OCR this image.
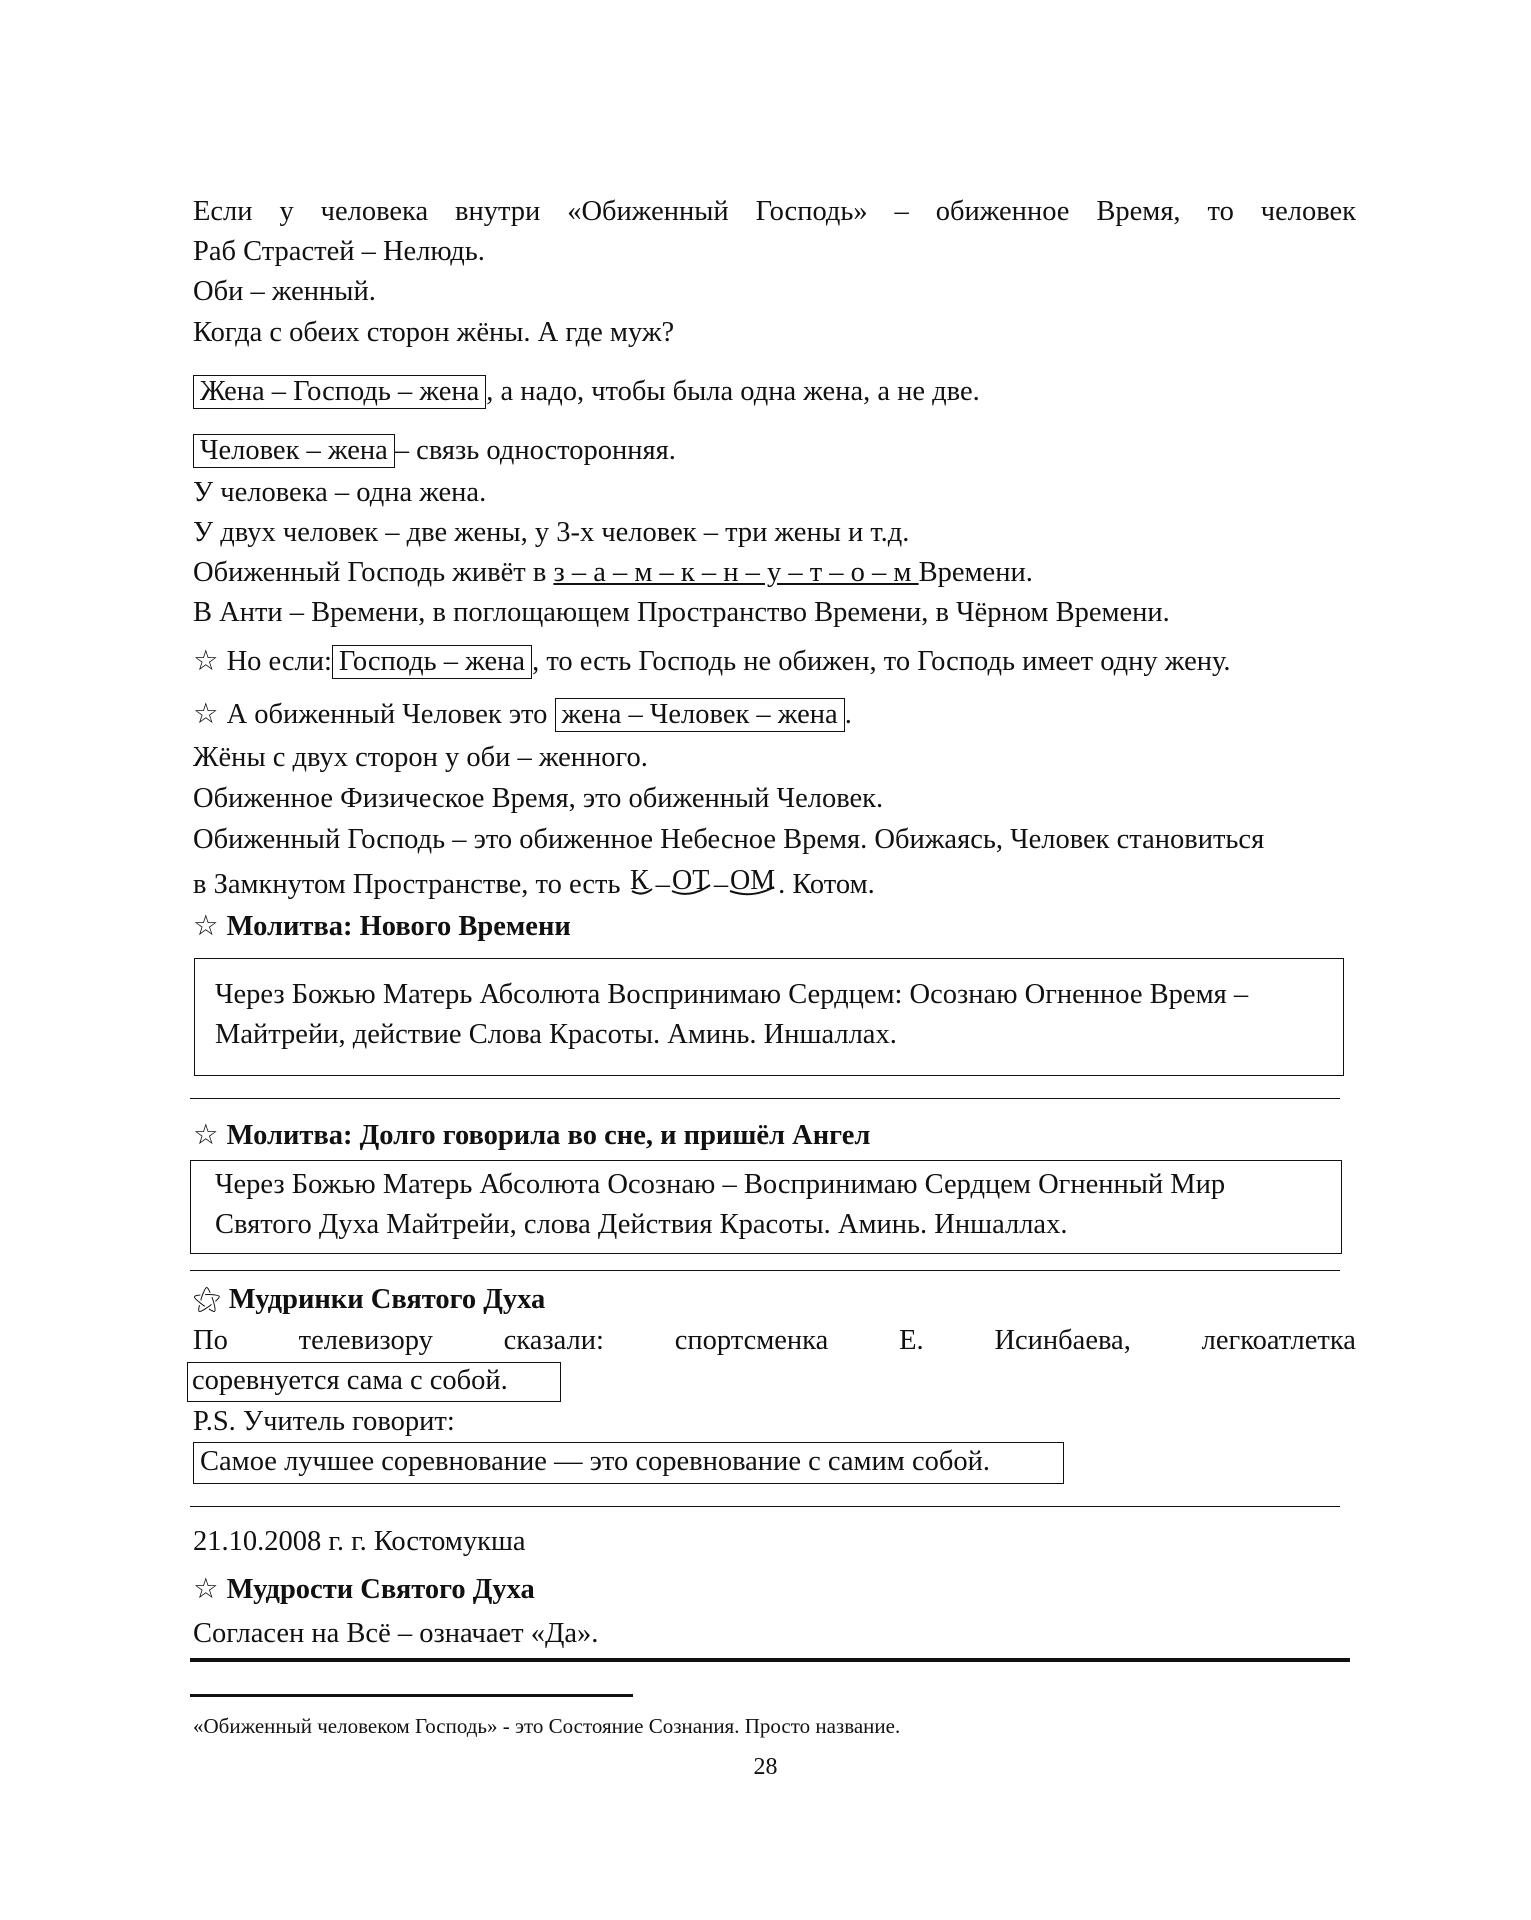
Если у человека внутри «Обиженный Господь» – обиженное Время, то человек
Раб Страстей – Нелюдь.
Оби – женный.
Когда с обеих сторон жёны. А где муж?
Жена – Господь – жена , а надо, чтобы была одна жена, а не две.
Человек – жена – связь односторонняя.
У человека – одна жена.
У двух человек – две жены, у 3-х человек – три жены и т.д.
Обиженный Господь живёт в з – а – м – к – н – у – т – о – м Времени.
В Анти – Времени, в поглощающем Пространство Времени, в Чёрном Времени.
☆ Но если: Господь – жена , то есть Господь не обижен, то Господь имеет одну жену.
☆ А обиженный Человек это жена – Человек – жена .
Жёны с двух сторон у оби – женного.
Обиженное Физическое Время, это обиженный Человек.
Обиженный Господь – это обиженное Небесное Время. Обижаясь, Человек становиться
в Замкнутом Пространстве, то есть К – ОТ – ОМ . Котом.
☆ Молитва: Нового Времени
Через Божью Матерь Абсолюта Воспринимаю Сердцем: Осознаю Огненное Время –
Майтрейи, действие Слова Красоты. Аминь. Иншаллах.
☆ Молитва: Долго говорила во сне, и пришёл Ангел
Через Божью Матерь Абсолюта Осознаю – Воспринимаю Сердцем Огненный Мир
Святого Духа Майтрейи, слова Действия Красоты. Аминь. Иншаллах.
⚝ Мудринки Святого Духа
По телевизору сказали: спортсменка Е. Исинбаева, легкоатлетка
соревнуется сама с собой.
P.S. Учитель говорит:
Самое лучшее соревнование — это соревнование с самим собой.
21.10.2008 г. г. Костомукша
☆ Мудрости Святого Духа
Согласен на Всё – означает «Да».
«Обиженный человеком Господь» - это Состояние Сознания. Просто название.
28
